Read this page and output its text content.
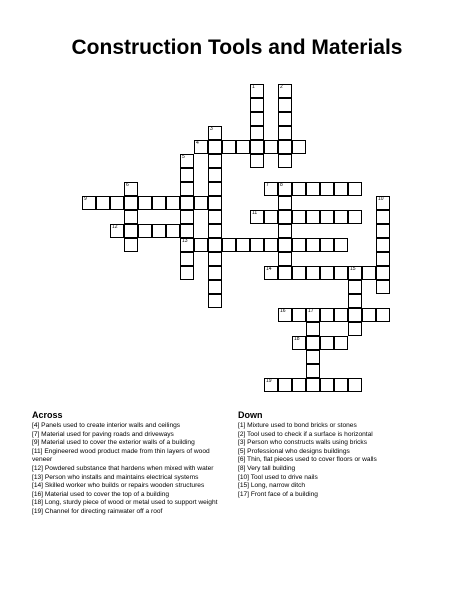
Construction Tools and Materials
1	2
3
4
5
13
6	7 8
9	10
11
12
14	15
16	17
18
19
Across	Down
[4] Panels used to create interior walls and ceilings
[7] Material used for paving roads and driveways
[9] Material used to cover the exterior walls of a building
[11] Engineered wood product made from thin layers of wood veneer
[12] Powdered substance that hardens when mixed with water
[13] Person who installs and maintains electrical systems
[14] Skilled worker who builds or repairs wooden structures
[16] Material used to cover the top of a building
[18] Long, sturdy piece of wood or metal used to support weight
[19] Channel for directing rainwater off a roof
[1] Mixture used to bond bricks or stones
[2] Tool used to check if a surface is horizontal
[3] Person who constructs walls using bricks
[5] Professional who designs buildings
[6] Thin, flat pieces used to cover floors or walls
[8] Very tall building
[10] Tool used to drive nails
[15] Long, narrow ditch
[17] Front face of a building
